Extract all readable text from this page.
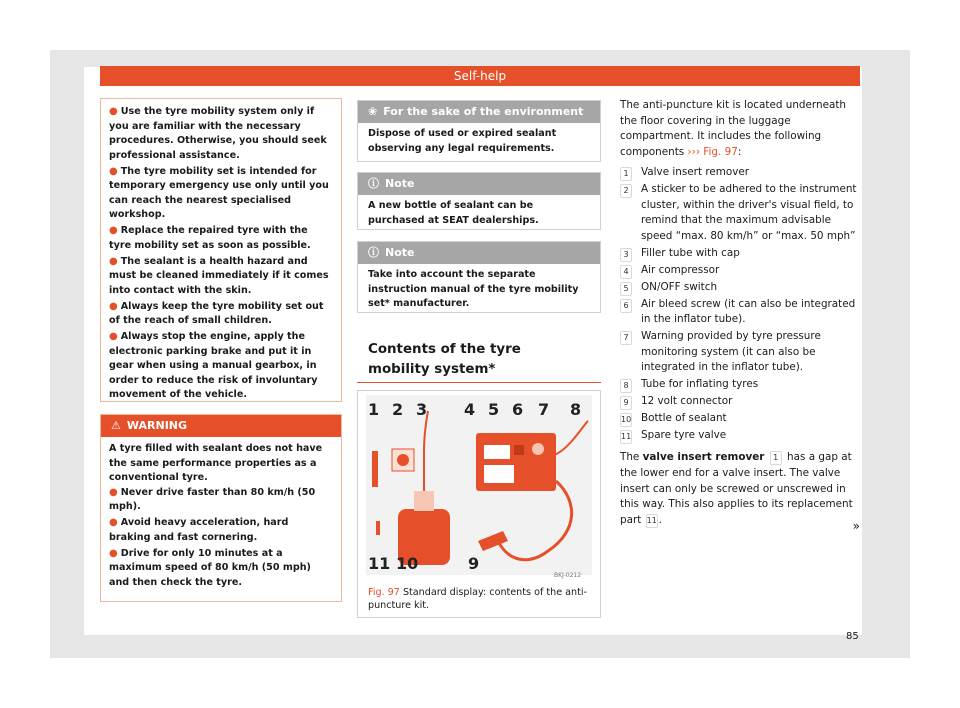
Self-help
● Use the tyre mobility system only if you are familiar with the necessary procedures. Otherwise, you should seek professional assistance.
● The tyre mobility set is intended for temporary emergency use only until you can reach the nearest specialised workshop.
● Replace the repaired tyre with the tyre mobility set as soon as possible.
● The sealant is a health hazard and must be cleaned immediately if it comes into contact with the skin.
● Always keep the tyre mobility set out of the reach of small children.
● Always stop the engine, apply the electronic parking brake and put it in gear when using a manual gearbox, in order to reduce the risk of involuntary movement of the vehicle.
⚠ WARNING
A tyre filled with sealant does not have the same performance properties as a conventional tyre.
● Never drive faster than 80 km/h (50 mph).
● Avoid heavy acceleration, hard braking and fast cornering.
● Drive for only 10 minutes at a maximum speed of 80 km/h (50 mph) and then check the tyre.
❀ For the sake of the environment
Dispose of used or expired sealant observing any legal requirements.
ⓘ Note
A new bottle of sealant can be purchased at SEAT dealerships.
ⓘ Note
Take into account the separate instruction manual of the tyre mobility set* manufacturer.
Contents of the tyre mobility system*
1 2 3 4 5 6 7 8
9
10
11
BKJ-0212
Fig. 97 Standard display: contents of the anti-puncture kit.
The anti-puncture kit is located underneath the floor covering in the luggage compartment. It includes the following components ››› Fig. 97:
1	Valve insert remover
2	A sticker to be adhered to the instrument cluster, within the driver's visual field, to remind that the maximum advisable speed “max. 80 km/h” or “max. 50 mph”
3	Filler tube with cap
4	Air compressor
5	ON/OFF switch
6	Air bleed screw (it can also be integrated in the inflator tube).
7	Warning provided by tyre pressure monitoring system (it can also be integrated in the inflator tube).
8	Tube for inflating tyres
9	12 volt connector
10 Bottle of sealant
11 Spare tyre valve
The valve insert remover 1 has a gap at the lower end for a valve insert. The valve insert can only be screwed or unscrewed in this way. This also applies to its replacement part 11 .	»
85
